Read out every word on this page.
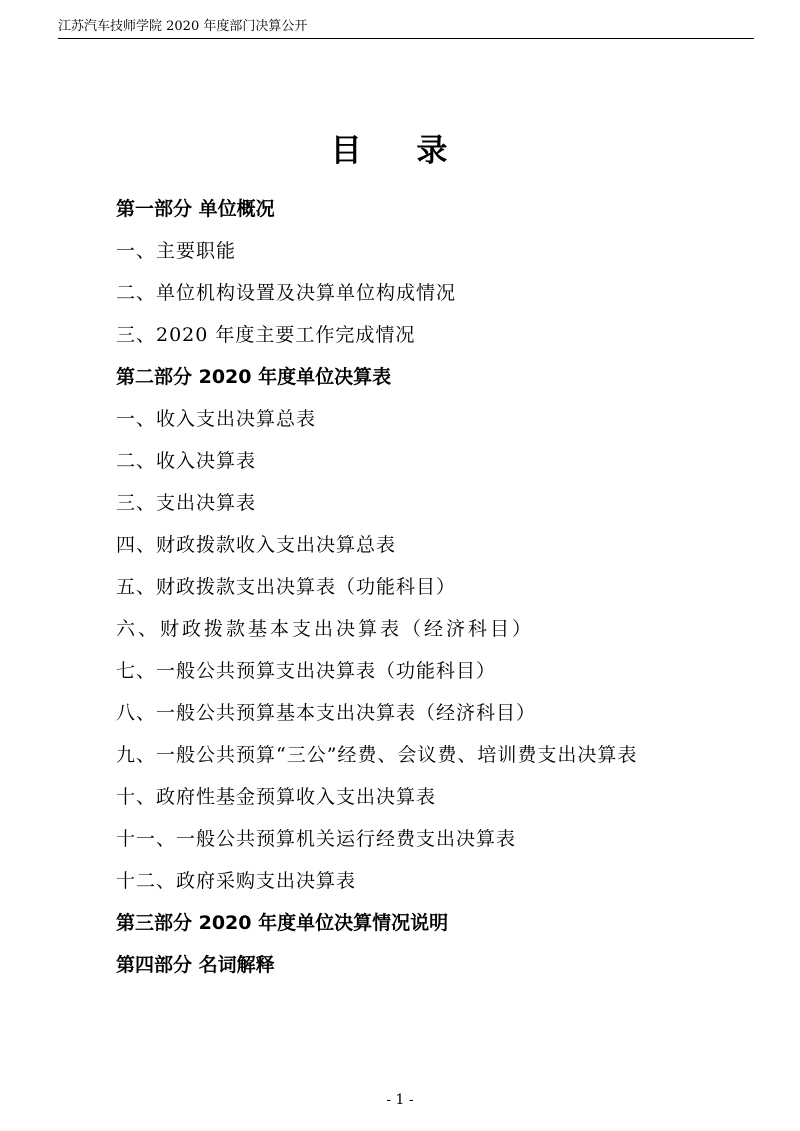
江苏汽车技师学院 2020 年度部门决算公开
目 录
第一部分 单位概况
一、主要职能
二、单位机构设置及决算单位构成情况
三、2020 年度主要工作完成情况
第二部分 2020 年度单位决算表
一、收入支出决算总表
二、收入决算表
三、支出决算表
四、财政拨款收入支出决算总表
五、财政拨款支出决算表（功能科目）
六、财政拨款基本支出决算表（经济科目）
七、一般公共预算支出决算表（功能科目）
八、一般公共预算基本支出决算表（经济科目）
九、一般公共预算“三公”经费、会议费、培训费支出决算表
十、政府性基金预算收入支出决算表
十一、一般公共预算机关运行经费支出决算表
十二、政府采购支出决算表
第三部分 2020 年度单位决算情况说明
第四部分 名词解释
- 1 -
